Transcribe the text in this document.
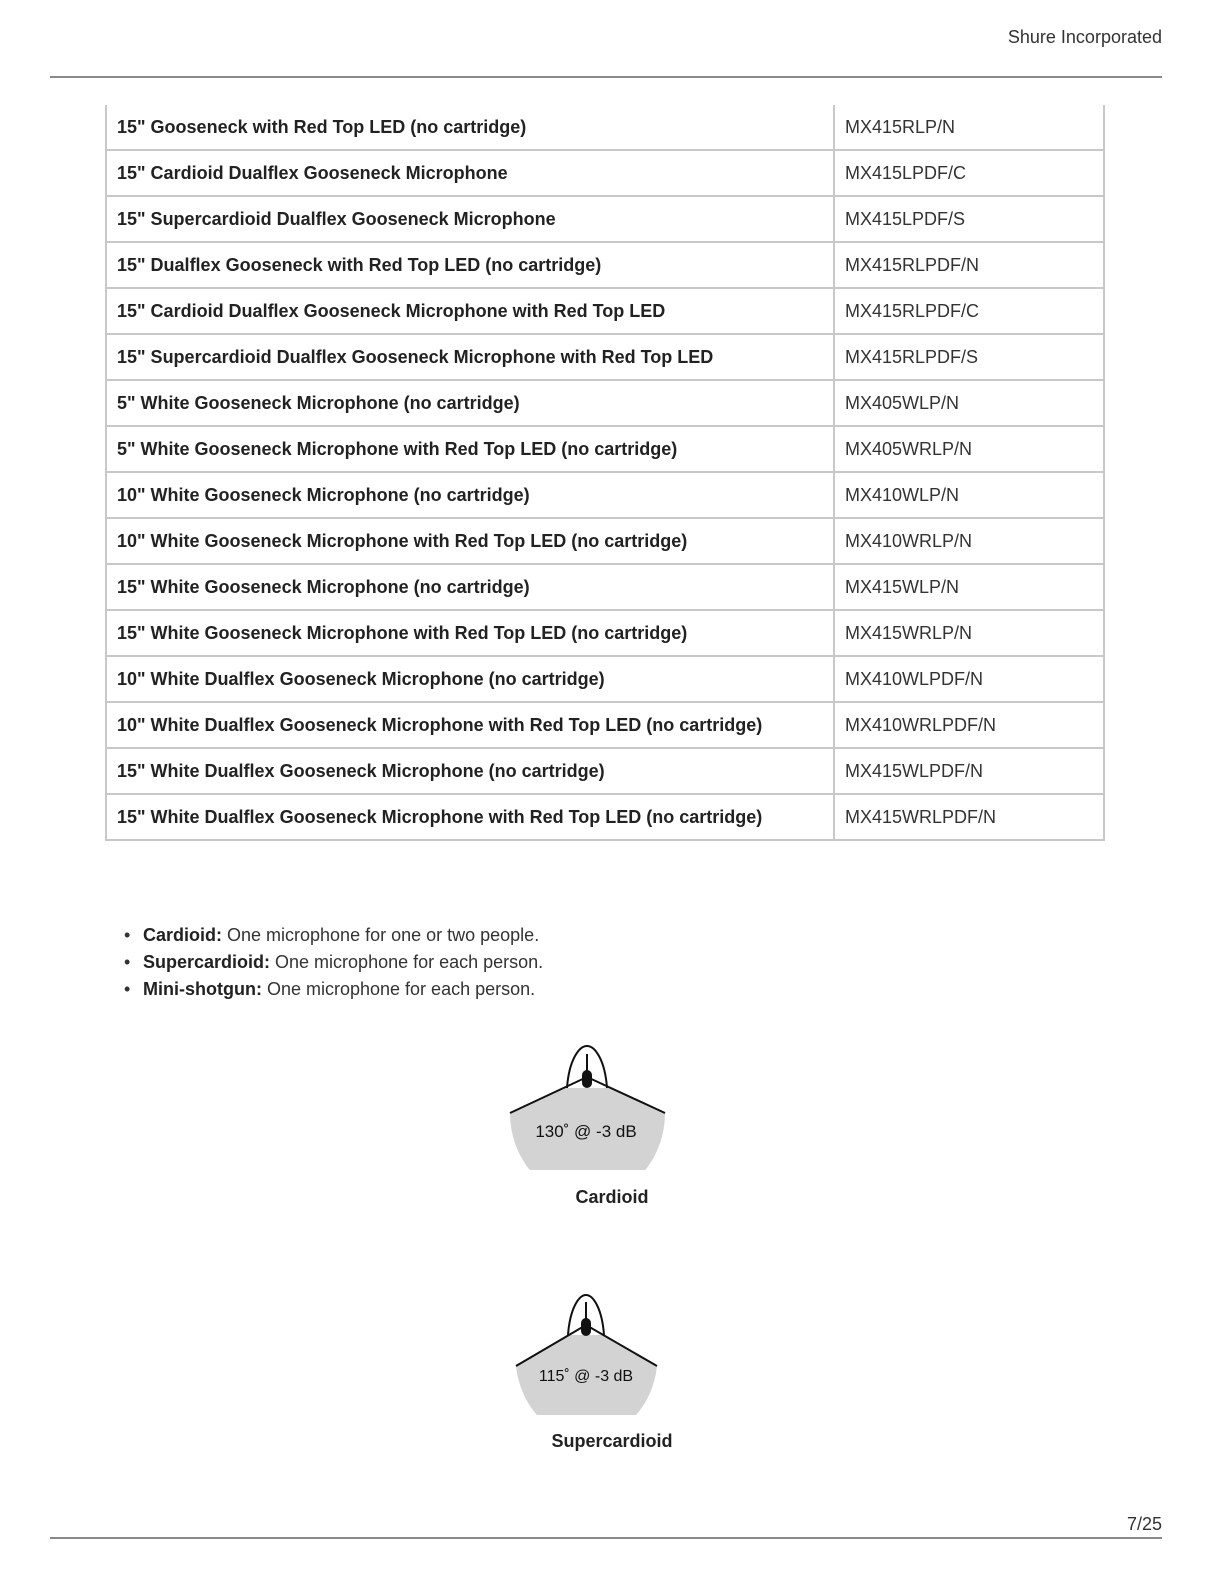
Shure Incorporated
15" Gooseneck with Red Top LED (no cartridge)	MX415RLP/N
15" Cardioid Dualflex Gooseneck Microphone	MX415LPDF/C
15" Supercardioid Dualflex Gooseneck Microphone	MX415LPDF/S
15" Dualflex Gooseneck with Red Top LED (no cartridge)	MX415RLPDF/N
15" Cardioid Dualflex Gooseneck Microphone with Red Top LED	MX415RLPDF/C
15" Supercardioid Dualflex Gooseneck Microphone with Red Top LED	MX415RLPDF/S
5" White Gooseneck Microphone (no cartridge)	MX405WLP/N
5" White Gooseneck Microphone with Red Top LED (no cartridge)	MX405WRLP/N
10" White Gooseneck Microphone (no cartridge)	MX410WLP/N
10" White Gooseneck Microphone with Red Top LED (no cartridge)	MX410WRLP/N
15" White Gooseneck Microphone (no cartridge)	MX415WLP/N
15" White Gooseneck Microphone with Red Top LED (no cartridge)	MX415WRLP/N
10" White Dualflex Gooseneck Microphone (no cartridge)	MX410WLPDF/N
10" White Dualflex Gooseneck Microphone with Red Top LED (no cartridge)	MX410WRLPDF/N
15" White Dualflex Gooseneck Microphone (no cartridge)	MX415WLPDF/N
15" White Dualflex Gooseneck Microphone with Red Top LED (no cartridge)	MX415WRLPDF/N
• Cardioid: One microphone for one or two people.
• Supercardioid: One microphone for each person.
• Mini-shotgun: One microphone for each person.
130˚ @ -3 dB
Cardioid
115˚ @ -3 dB
Supercardioid
7/25
